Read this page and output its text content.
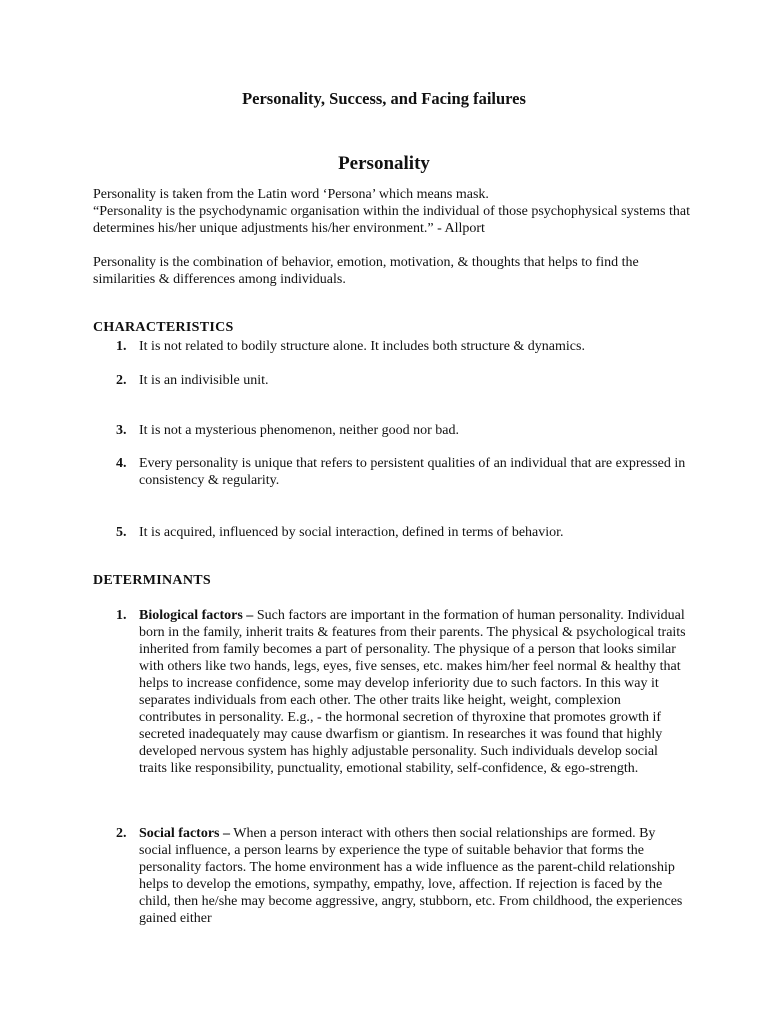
Personality, Success, and Facing failures
Personality

Personality is taken from the Latin word ‘Persona’ which means mask.
“Personality is the psychodynamic organisation within the individual of those psychophysical systems that determines his/her unique adjustments his/her environment.” - Allport

Personality is the combination of behavior, emotion, motivation, & thoughts that helps to find the similarities & differences among individuals.

CHARACTERISTICS
1. It is not related to bodily structure alone. It includes both structure & dynamics.
2. It is an indivisible unit.
3. It is not a mysterious phenomenon, neither good nor bad.
4. Every personality is unique that refers to persistent qualities of an individual that are expressed in consistency & regularity.
5. It is acquired, influenced by social interaction, defined in terms of behavior.
DETERMINANTS
1. Biological factors – Such factors are important in the formation of human personality. Individual born in the family, inherit traits & features from their parents. The physical & psychological traits inherited from family becomes a part of personality. The physique of a person that looks similar with others like two hands, legs, eyes, five senses, etc. makes him/her feel normal & healthy that helps to increase confidence, some may develop inferiority due to such factors. In this way it separates individuals from each other. The other traits like height, weight, complexion contributes in personality. E.g., - the hormonal secretion of thyroxine that promotes growth if secreted inadequately may cause dwarfism or giantism. In researches it was found that highly developed nervous system has highly adjustable personality. Such individuals develop social traits like responsibility, punctuality, emotional stability, self-confidence, & ego-strength.
2. Social factors – When a person interact with others then social relationships are formed. By social influence, a person learns by experience the type of suitable behavior that forms the personality factors. The home environment has a wide influence as the parent-child relationship helps to develop the emotions, sympathy, empathy, love, affection. If rejection is faced by the child, then he/she may become aggressive, angry, stubborn, etc. From childhood, the experiences gained either
